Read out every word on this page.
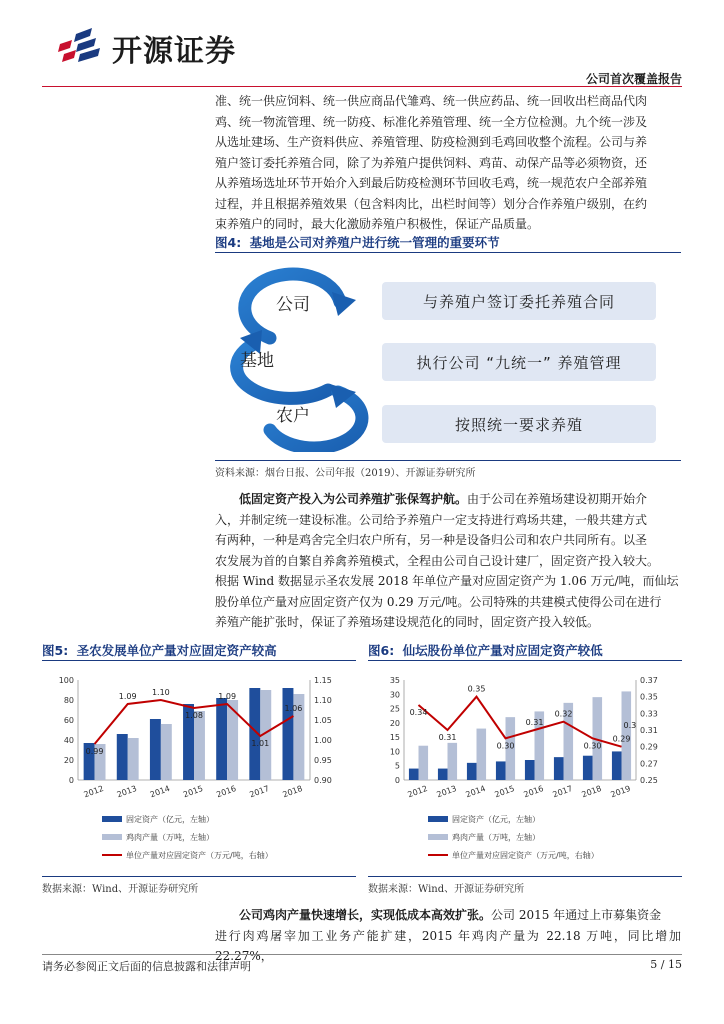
开源证券
公司首次覆盖报告

准、统一供应饲料、统一供应商品代雏鸡、统一供应药品、统一回收出栏商品代肉

鸡、统一物流管理、统一防疫、标准化养殖管理、统一全方位检测。九个统一涉及

从选址建场、生产资料供应、养殖管理、防疫检测到毛鸡回收整个流程。公司与养

殖户签订委托养殖合同，除了为养殖户提供饲料、鸡苗、动保产品等必须物资，还

从养殖场选址环节开始介入到最后防疫检测环节回收毛鸡，统一规范农户全部养殖

过程，并且根据养殖效果（包含料肉比，出栏时间等）划分合作养殖户级别，在约

束养殖户的同时，最大化激励养殖户积极性，保证产品质量。

图4: 基地是公司对养殖户进行统一管理的重要环节
公司
基地
农户
与养殖户签订委托养殖合同
执行公司 “九统一” 养殖管理
按照统一要求养殖
资料来源：烟台日报、公司年报（2019）、开源证券研究所

低固定资产投入为公司养殖扩张保驾护航。由于公司在养殖场建设初期开始介

入，并制定统一建设标准。公司给予养殖户一定支持进行鸡场共建，一般共建方式

有两种，一种是鸡舍完全归农户所有，另一种是设备归公司和农户共同所有。以圣

农发展为首的自繁自养禽养殖模式，全程由公司自己设计建厂，固定资产投入较大。

根据 Wind 数据显示圣农发展 2018 年单位产量对应固定资产为 1.06 万元/吨，而仙坛

股份单位产量对应固定资产仅为 0.29 万元/吨。公司特殊的共建模式使得公司在进行

养殖产能扩张时，保证了养殖场建设规范化的同时，固定资产投入较低。

图5: 圣农发展单位产量对应固定资产较高	图6: 仙坛股份单位产量对应固定资产较低
0
20
40
60
80
100
0.90
0.95
1.00
1.05
1.10
1.15
2012 2013 2014 2015 2016 2017 2018
0.99
1.09 1.10
1.08
1.09
1.01
1.06
固定资产（亿元，左轴）
鸡肉产量（万吨，左轴）
单位产量对应固定资产（万元/吨，右轴）
0
5
10
15
20
25
30
35
0.25
0.27
0.29
0.31
0.33
0.35
0.37
2012 2013 2014 2015 2016 2017 2018 2019
0.34
0.31
0.35
0.30
0.31
0.32
0.30
0.29
0.3
固定资产（亿元，左轴）
鸡肉产量（万吨，左轴）
单位产量对应固定资产（万元/吨，右轴）
数据来源：Wind、开源证券研究所	数据来源：Wind、开源证券研究所

公司鸡肉产量快速增长，实现低成本高效扩张。公司 2015 年通过上市募集资金

进行肉鸡屠宰加工业务产能扩建，2015 年鸡肉产量为 22.18 万吨，同比增加 22.27%，

请务必参阅正文后面的信息披露和法律声明	5 / 15
